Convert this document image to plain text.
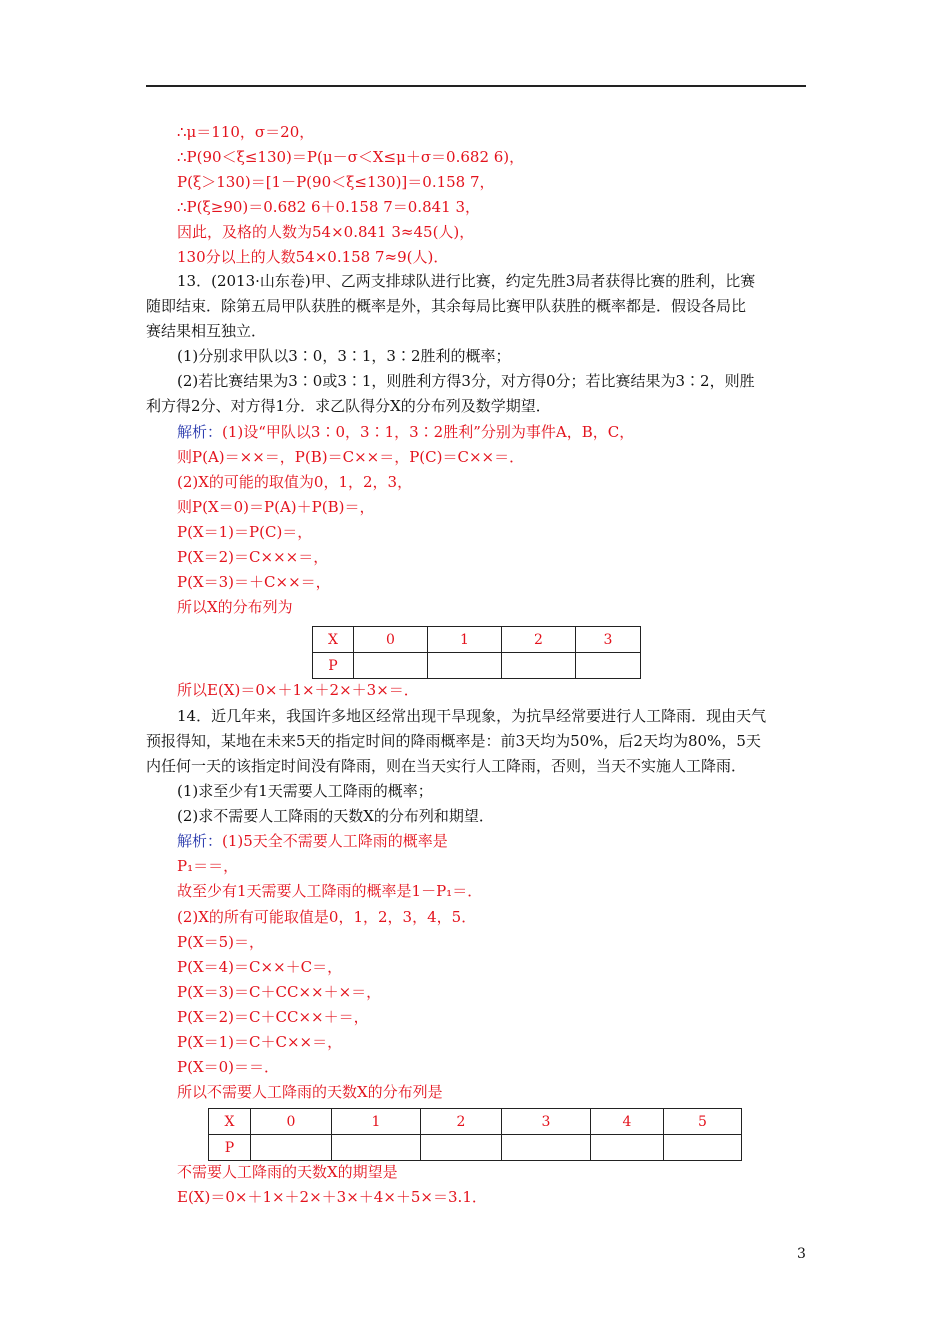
∴μ＝110，σ＝20，
∴P(90＜ξ≤130)＝P(μ－σ＜X≤μ＋σ＝0.682 6)，
P(ξ＞130)＝[1－P(90＜ξ≤130)]＝0.158 7，
∴P(ξ≥90)＝0.682 6＋0.158 7＝0.841 3，
因此，及格的人数为54×0.841 3≈45(人)，
130分以上的人数54×0.158 7≈9(人)．
13．(2013·山东卷)甲、乙两支排球队进行比赛，约定先胜3局者获得比赛的胜利，比赛
随即结束．除第五局甲队获胜的概率是外，其余每局比赛甲队获胜的概率都是．假设各局比
赛结果相互独立．
(1)分别求甲队以3∶0，3∶1，3∶2胜利的概率；
(2)若比赛结果为3∶0或3∶1，则胜利方得3分，对方得0分；若比赛结果为3∶2，则胜
利方得2分、对方得1分．求乙队得分X的分布列及数学期望．
解析：(1)设“甲队以3∶0，3∶1，3∶2胜利”分别为事件A，B，C，
则P(A)＝××＝，P(B)＝C××＝，P(C)＝C××＝．
(2)X的可能的取值为0，1，2，3，
则P(X＝0)＝P(A)＋P(B)＝，
P(X＝1)＝P(C)＝，
P(X＝2)＝C×××＝，
P(X＝3)＝＋C××＝，
所以X的分布列为
X	0	1	2	3
P				
所以E(X)＝0×＋1×＋2×＋3×＝．
14．近几年来，我国许多地区经常出现干旱现象，为抗旱经常要进行人工降雨．现由天气
预报得知，某地在未来5天的指定时间的降雨概率是：前3天均为50%，后2天均为80%，5天
内任何一天的该指定时间没有降雨，则在当天实行人工降雨，否则，当天不实施人工降雨．
(1)求至少有1天需要人工降雨的概率；
(2)求不需要人工降雨的天数X的分布列和期望．
解析：(1)5天全不需要人工降雨的概率是
P₁＝＝，
故至少有1天需要人工降雨的概率是1－P₁＝．
(2)X的所有可能取值是0，1，2，3，4，5．
P(X＝5)＝，
P(X＝4)＝C××＋C＝，
P(X＝3)＝C＋CC××＋×＝，
P(X＝2)＝C＋CC××＋＝，
P(X＝1)＝C＋C××＝，
P(X＝0)＝＝．
所以不需要人工降雨的天数X的分布列是
X	0	1	2	3	4	5
P						
不需要人工降雨的天数X的期望是
E(X)＝0×＋1×＋2×＋3×＋4×＋5×＝3.1．
3
